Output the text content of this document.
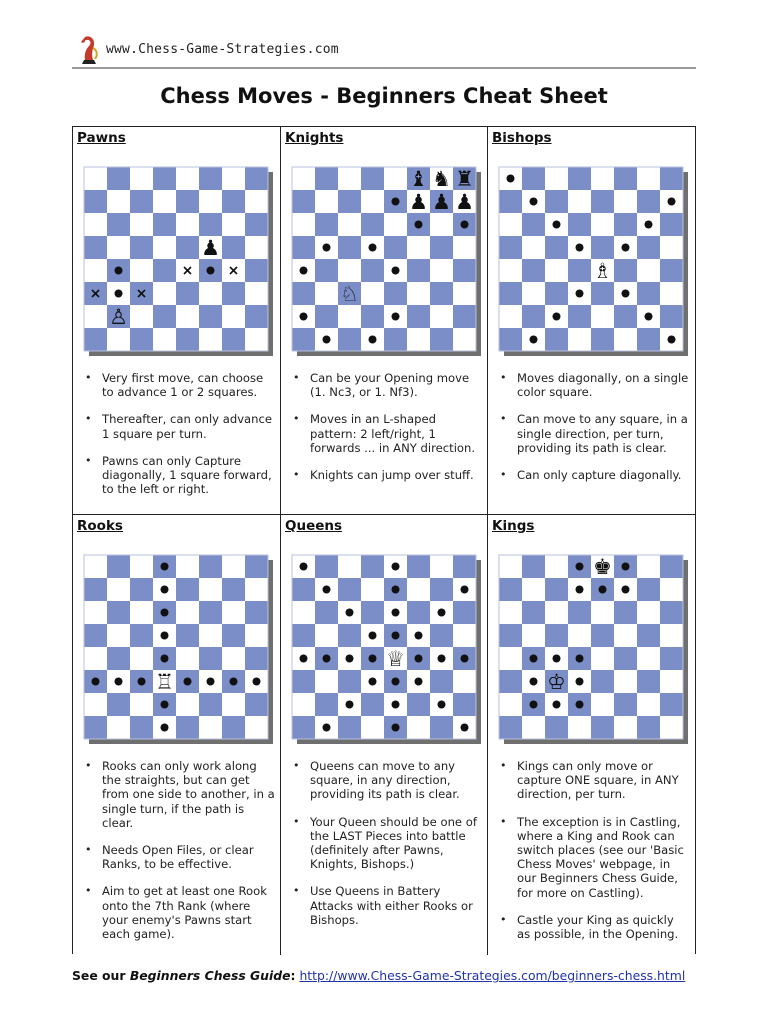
www.Chess-Game-Strategies.com
Chess Moves - Beginners Cheat Sheet
Pawns
♙
♟
• Very first move, can choose to advance 1 or 2 squares.
• Thereafter, can only advance 1 square per turn.
• Pawns can only Capture diagonally, 1 square forward, to the left or right.
Knights
♘
♝ ♞ ♜
♟ ♟ ♟
• Can be your Opening move (1. Nc3, or 1. Nf3).
• Moves in an L-shaped pattern: 2 left/right, 1 forwards ... in ANY direction.
• Knights can jump over stuff.
Bishops
♗
• Moves diagonally, on a single color square.
• Can move to any square, in a single direction, per turn, providing its path is clear.
• Can only capture diagonally.
Rooks
♖
• Rooks can only work along the straights, but can get from one side to another, in a single turn, if the path is clear.
• Needs Open Files, or clear Ranks, to be effective.
• Aim to get at least one Rook onto the 7th Rank (where your enemy's Pawns start each game).
Queens
♕
• Queens can move to any square, in any direction, providing its path is clear.
• Your Queen should be one of the LAST Pieces into battle (definitely after Pawns, Knights, Bishops.)
• Use Queens in Battery Attacks with either Rooks or Bishops.
Kings
♚
♔
• Kings can only move or capture ONE square, in ANY direction, per turn.
• The exception is in Castling, where a King and Rook can switch places (see our 'Basic Chess Moves' webpage, in our Beginners Chess Guide, for more on Castling).
• Castle your King as quickly as possible, in the Opening.
See our Beginners Chess Guide: http://www.Chess-Game-Strategies.com/beginners-chess.html
